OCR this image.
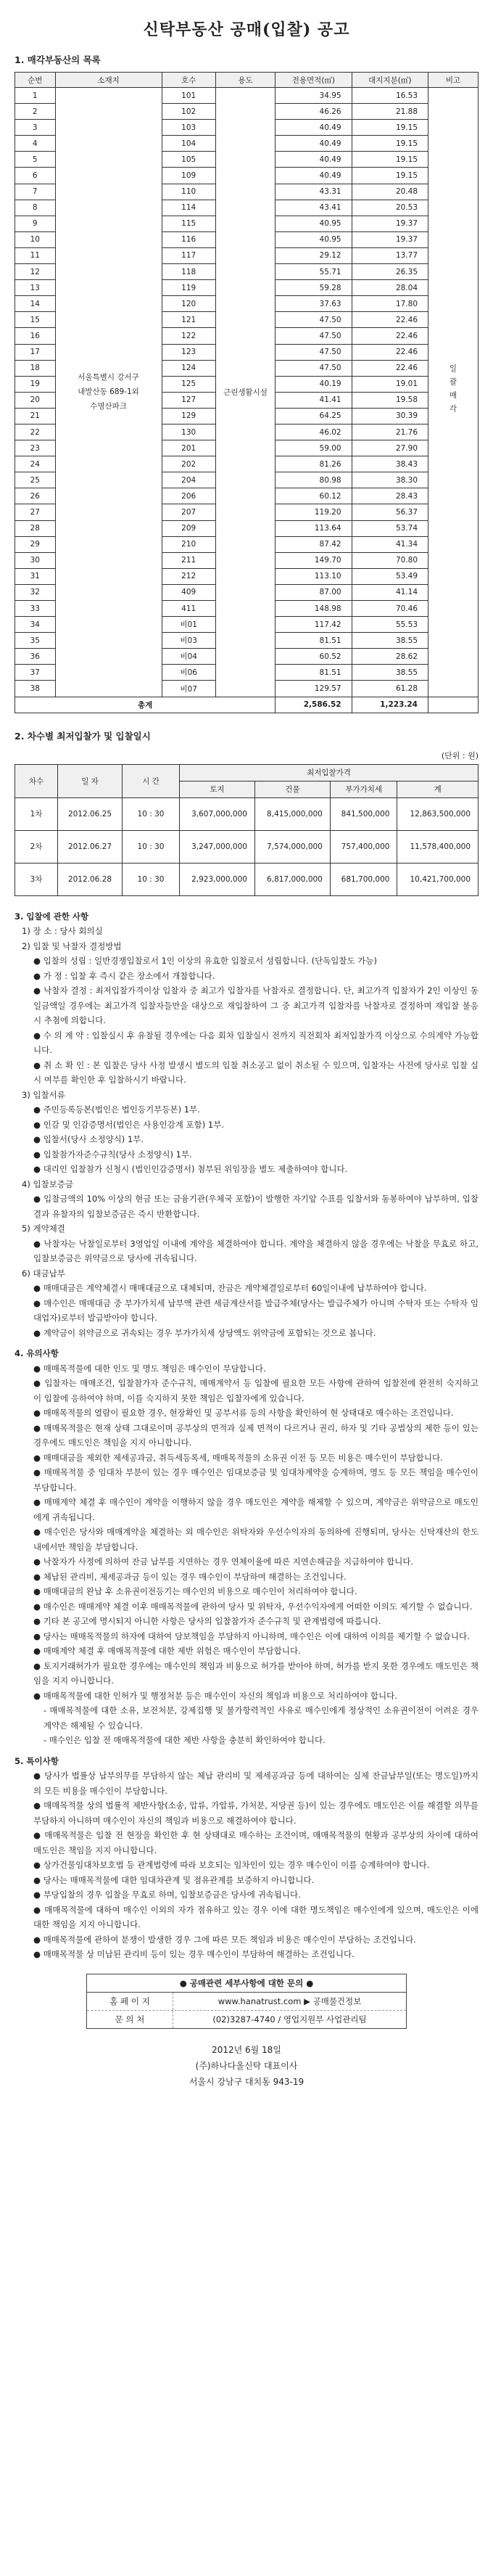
신탁부동산 공매(입찰) 공고
1. 매각부동산의 목록
순번	소재지	호수	용도	전용면적(㎡)	대지지분(㎡)	비고
1	서울특별시 강서구
내발산동 689-1외
수명산파크	101	근린생활시설	34.95	16.53	일괄매각
2		102		46.26	21.88	
3		103		40.49	19.15	
4		104		40.49	19.15	
5		105		40.49	19.15	
6		109		40.49	19.15	
7		110		43.31	20.48	
8		114		43.41	20.53	
9		115		40.95	19.37	
10		116		40.95	19.37	
11		117		29.12	13.77	
12		118		55.71	26.35	
13		119		59.28	28.04	
14		120		37.63	17.80	
15		121		47.50	22.46	
16		122		47.50	22.46	
17		123		47.50	22.46	
18		124		47.50	22.46	
19		125		40.19	19.01	
20		127		41.41	19.58	
21		129		64.25	30.39	
22		130		46.02	21.76	
23		201		59.00	27.90	
24		202		81.26	38.43	
25		204		80.98	38.30	
26		206		60.12	28.43	
27		207		119.20	56.37	
28		209		113.64	53.74	
29		210		87.42	41.34	
30		211		149.70	70.80	
31		212		113.10	53.49	
32		409		87.00	41.14	
33		411		148.98	70.46	
34		비01		117.42	55.53	
35		비03		81.51	38.55	
36		비04		60.52	28.62	
37		비06		81.51	38.55	
38		비07		129.57	61.28	
총계				2,586.52	1,223.24	
2. 차수별 최저입찰가 및 입찰일시
(단위 : 원)
차수	일 자	시 간	최저입찰가격			
			토지	건물	부가가치세	계
1차	2012.06.25	10 : 30	3,607,000,000	8,415,000,000	841,500,000	12,863,500,000
2차	2012.06.27	10 : 30	3,247,000,000	7,574,000,000	757,400,000	11,578,400,000
3차	2012.06.28	10 : 30	2,923,000,000	6,817,000,000	681,700,000	10,421,700,000

3. 입찰에 관한 사항

1) 장 소 : 당사 회의실

2) 입찰 및 낙찰자 결정방법

● 입찰의 성립 : 일반경쟁입찰로서 1인 이상의 유효한 입찰로서 성립합니다. (단독입찰도 가능)

● 가 정 : 입찰 후 즉시 같은 장소에서 개찰합니다.

● 낙찰자 결정 : 최저입찰가격이상 입찰자 중 최고가 입찰자를 낙찰자로 결정합니다. 단, 최고가격 입찰자가 2인 이상인 동일금액일 경우에는 최고가격 입찰자들만을 대상으로 재입찰하여 그 중 최고가격 입찰자를 낙찰자로 결정하며 재입찰 불응시 추첨에 의합니다.

● 수 의 계 약 : 입찰실시 후 유찰될 경우에는 다음 회차 입찰실시 전까지 직전회차 최저입찰가격 이상으로 수의계약 가능합니다.

● 취 소 확 인 : 본 입찰은 당사 사정 발생시 별도의 입찰 취소공고 없이 취소될 수 있으며, 입찰자는 사전에 당사로 입찰 실시 여부를 확인한 후 입찰하시기 바랍니다.

3) 입찰서류

● 주민등록등본(법인은 법인등기부등본) 1부.

● 인감 및 인감증명서(법인은 사용인감계 포함) 1부.

● 입찰서(당사 소정양식) 1부.

● 입찰참가자준수규칙(당사 소정양식) 1부.

● 대리인 입찰참가 신청시 (법인인감증명서) 첨부된 위임장을 별도 제출하여야 합니다.

4) 입찰보증금

● 입찰금액의 10% 이상의 현금 또는 금융기관(우체국 포함)이 발행한 자기앞 수표를 입찰서와 동봉하여야 납부하며, 입찰결과 유찰자의 입찰보증금은 즉시 반환합니다.

5) 계약체결

● 낙찰자는 낙찰일로부터 3영업일 이내에 계약을 체결하여야 합니다. 계약을 체결하지 않을 경우에는 낙찰을 무효로 하고, 입찰보증금은 위약금으로 당사에 귀속됩니다.

6) 대금납부

● 매매대금은 계약체결시 매매대금으로 대체되며, 잔금은 계약체결일로부터 60일이내에 납부하여야 합니다.

● 매수인은 매매대금 중 부가가치세 납부액 관련 세금계산서를 발급주체(당사는 발급주체가 아니며 수탁자 또는 수탁자 임대업자)로부터 발급받아야 합니다.

● 계약금이 위약금으로 귀속되는 경우 부가가치세 상당액도 위약금에 포함되는 것으로 봅니다.

4. 유의사항

● 매매목적물에 대한 인도 및 명도 책임은 매수인이 부담합니다.

● 입찰자는 매매조건, 입찰참가자 준수규칙, 매매계약서 등 입찰에 필요한 모든 사항에 관하여 입찰전에 완전히 숙지하고 이 입찰에 응하여야 하며, 이를 숙지하지 못한 책임은 입찰자에게 있습니다.

● 매매목적물의 열람이 필요한 경우, 현장확인 및 공부서류 등의 사항을 확인하여 현 상태대로 매수하는 조건입니다.

● 매매목적물은 현재 상태 그대로이며 공부상의 면적과 실제 면적이 다르거나 권리, 하자 및 기타 공법상의 제한 등이 있는 경우에도 매도인은 책임을 지지 아니합니다.

● 매매대금을 제외한 제세공과금, 취득세등록세, 매매목적물의 소유권 이전 등 모든 비용은 매수인이 부담합니다.

● 매매목적물 중 임대차 부분이 있는 경우 매수인은 임대보증금 및 임대차계약을 승계하며, 명도 등 모든 책임을 매수인이 부담합니다.

● 매매계약 체결 후 매수인이 계약을 이행하지 않을 경우 매도인은 계약을 해제할 수 있으며, 계약금은 위약금으로 매도인에게 귀속됩니다.

● 매수인은 당사와 매매계약을 체결하는 외 매수인은 위탁자와 우선수익자의 동의하에 진행되며, 당사는 신탁재산의 한도내에서만 책임을 부담합니다.

● 낙찰자가 사정에 의하여 잔금 납부를 지연하는 경우 연체이율에 따른 지연손해금을 지급하여야 합니다.

● 체납된 관리비, 제세공과금 등이 있는 경우 매수인이 부담하여 해결하는 조건입니다.

● 매매대금의 완납 후 소유권이전등기는 매수인의 비용으로 매수인이 처리하여야 합니다.

● 매수인은 매매계약 체결 이후 매매목적물에 관하여 당사 및 위탁자, 우선수익자에게 어떠한 이의도 제기할 수 없습니다.

● 기타 본 공고에 명시되지 아니한 사항은 당사의 입찰참가자 준수규칙 및 관계법령에 따릅니다.

● 당사는 매매목적물의 하자에 대하여 담보책임을 부담하지 아니하며, 매수인은 이에 대하여 이의를 제기할 수 없습니다.

● 매매계약 체결 후 매매목적물에 대한 제반 위험은 매수인이 부담합니다.

● 토지거래허가가 필요한 경우에는 매수인의 책임과 비용으로 허가를 받아야 하며, 허가를 받지 못한 경우에도 매도인은 책임을 지지 아니합니다.

● 매매목적물에 대한 인허가 및 행정처분 등은 매수인이 자신의 책임과 비용으로 처리하여야 합니다.

- 매매목적물에 대한 소유, 보전처분, 강제집행 및 불가항력적인 사유로 매수인에게 정상적인 소유권이전이 어려운 경우 계약은 해제될 수 있습니다.

- 매수인은 입찰 전 매매목적물에 대한 제반 사항을 충분히 확인하여야 합니다.

5. 특이사항

● 당사가 법률상 납부의무를 부담하지 않는 체납 관리비 및 제세공과금 등에 대하여는 실제 잔금납부일(또는 명도일)까지의 모든 비용을 매수인이 부담합니다.

● 매매목적물 상의 법률적 제반사항(소송, 압류, 가압류, 가처분, 저당권 등)이 있는 경우에도 매도인은 이를 해결할 의무를 부담하지 아니하며 매수인이 자신의 책임과 비용으로 해결하여야 합니다.

● 매매목적물은 입찰 전 현장을 확인한 후 현 상태대로 매수하는 조건이며, 매매목적물의 현황과 공부상의 차이에 대하여 매도인은 책임을 지지 아니합니다.

● 상가건물임대차보호법 등 관계법령에 따라 보호되는 임차인이 있는 경우 매수인이 이를 승계하여야 합니다.

● 당사는 매매목적물에 대한 임대차관계 및 점유관계를 보증하지 아니합니다.

● 부당입찰의 경우 입찰을 무효로 하며, 입찰보증금은 당사에 귀속됩니다.

● 매매목적물에 대하여 매수인 이외의 자가 점유하고 있는 경우 이에 대한 명도책임은 매수인에게 있으며, 매도인은 이에 대한 책임을 지지 아니합니다.

● 매매목적물에 관하여 분쟁이 발생한 경우 그에 따른 모든 책임과 비용은 매수인이 부담하는 조건입니다.

● 매매목적물 상 미납된 관리비 등이 있는 경우 매수인이 부담하여 해결하는 조건입니다.

● 공매관련 세부사항에 대한 문의 ●
홈 페 이 지	www.hanatrust.com ▶ 공매물건정보
문 의 처	(02)3287-4740 / 영업지원부 사업관리팀
2012년 6월 18일
(주)하나다올신탁 대표이사
서울시 강남구 대치동 943-19
